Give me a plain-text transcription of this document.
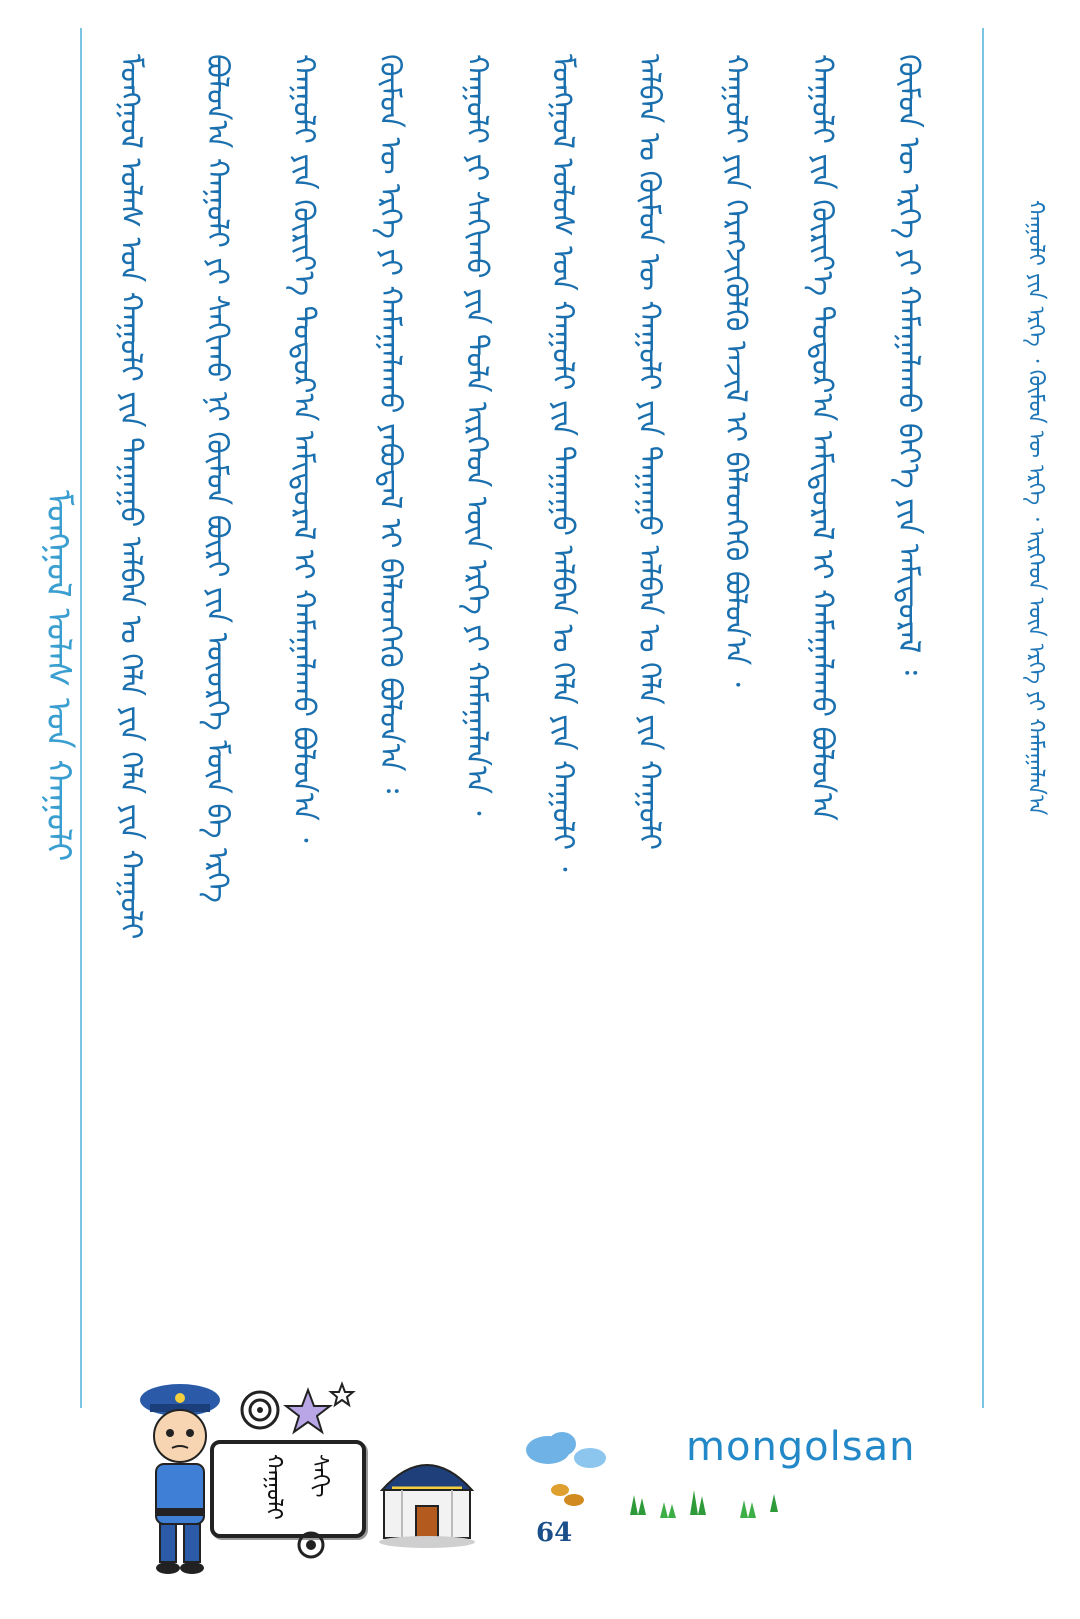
ᠮᠣᠩᠭᠣᠯ ᠤᠯᠠᠰ ᠤᠨ ᠬᠠᠭᠤᠯᠢ	ᠮᠣᠩᠭᠣᠯ ᠤᠯᠠᠰ ᠤᠨ ᠬᠠᠭᠤᠯᠢ ᠶᠢᠨ ᠳᠠᠭᠠᠭᠤ ᠠᠯᠪᠠᠨ ᠤ ᠬᠡᠯᠡ ᠶᠢᠨ ᠬᠡᠯᠡ ᠶᠢᠨ ᠬᠠᠭᠤᠯᠢ	ᠪᠣᠯᠤᠨ᠎ᠠ ᠬᠠᠭᠤᠯᠢ ᠶᠢ ᠰᠠᠬᠢᠬᠤ ᠨᠢ ᠬᠦᠮᠦᠨ ᠪᠦᠷᠢ ᠶᠢᠨ ᠦᠦᠷᠭᠡ ᠮᠥᠨ ᠪᠠ ᠡᠷᠬᠡ	ᠬᠠᠭᠤᠯᠢ ᠶᠢᠨ ᠬᠦᠷᠢᠶ᠎ᠡ ᠳᠣᠲᠣᠷ᠎ᠠ ᠠᠮᠢᠳᠤᠷᠠᠯ ᠢ ᠬᠠᠮᠠᠭᠠᠯᠠᠬᠤ ᠪᠣᠯᠤᠨ᠎ᠠ ᠂	ᠬᠦᠮᠦᠨ ᠦ ᠡᠷᠬᠡ ᠶᠢ ᠬᠠᠮᠠᠭᠠᠯᠠᠬᠤ ᠶᠠᠪᠤᠳᠠᠯ ᠢ ᠪᠡᠯᠡᠳᠬᠡᠬᠦ ᠪᠣᠯᠤᠨ᠎ᠠ ᠄	ᠬᠠᠭᠤᠯᠢ ᠶᠢ ᠰᠠᠬᠢᠬᠤ ᠶᠢᠨ ᠳᠤᠯᠠ ᠢᠷᠭᠡᠳ ᠦᠨ ᠡᠷᠬᠡ ᠶᠢ ᠬᠠᠮᠠᠭᠠᠯᠠᠨ᠎ᠠ ᠂	ᠮᠣᠩᠭᠣᠯ ᠤᠯᠤᠰ ᠤᠨ ᠬᠠᠭᠤᠯᠢ ᠶᠢᠨ ᠳᠠᠭᠠᠭᠤ ᠠᠯᠪᠠᠨ ᠤ ᠬᠡᠯᠡ ᠶᠢᠨ ᠬᠠᠭᠤᠯᠢ ᠂	ᠠᠯᠪᠠᠨ ᠤ ᠬᠦᠮᠦᠨ ᠦ ᠬᠠᠭᠤᠯᠢ ᠶᠢᠨ ᠳᠠᠭᠠᠭᠤ ᠠᠯᠪᠠᠨ ᠤ ᠬᠡᠯᠡ ᠶᠢᠨ ᠬᠠᠭᠤᠯᠢ	ᠬᠠᠭᠤᠯᠢ ᠶᠢᠨ ᠬᠡᠷᠡᠭᠵᠢᠭᠦᠯᠬᠦ ᠠᠵᠢᠯ ᠢ ᠪᠡᠯᠡᠳᠬᠡᠬᠦ ᠪᠣᠯᠤᠨ᠎ᠠ ᠂	ᠬᠠᠭᠤᠯᠢ ᠶᠢᠨ ᠬᠦᠷᠢᠶ᠎ᠡ ᠳᠣᠲᠣᠷ᠎ᠠ ᠠᠮᠢᠳᠤᠷᠠᠯ ᠢ ᠬᠠᠮᠠᠭᠠᠯᠠᠬᠤ ᠪᠣᠯᠤᠨ᠎ᠠ	ᠬᠦᠮᠦᠨ ᠦ ᠡᠷᠬᠡ ᠶᠢ ᠬᠠᠮᠠᠭᠠᠯᠠᠬᠤ ᠪᠡᠶ᠎ᠡ ᠶᠢᠨ ᠠᠮᠢᠳᠤᠷᠠᠯ ᠄	ᠬᠠᠭᠤᠯᠢ ᠶᠢᠨ ᠡᠷᠬᠡ ᠂ ᠬᠦᠮᠦᠨ ᠦ ᠡᠷᠬᠡ ᠂ ᠢᠷᠭᠡᠳ ᠦᠨ ᠡᠷᠬᠡ ᠶᠢ ᠬᠠᠮᠠᠭᠠᠯᠠᠨ᠎ᠠ
ᠬᠠᠭᠤᠯᠢ ᠰᠠᠬᠢ
mongolsan
64
